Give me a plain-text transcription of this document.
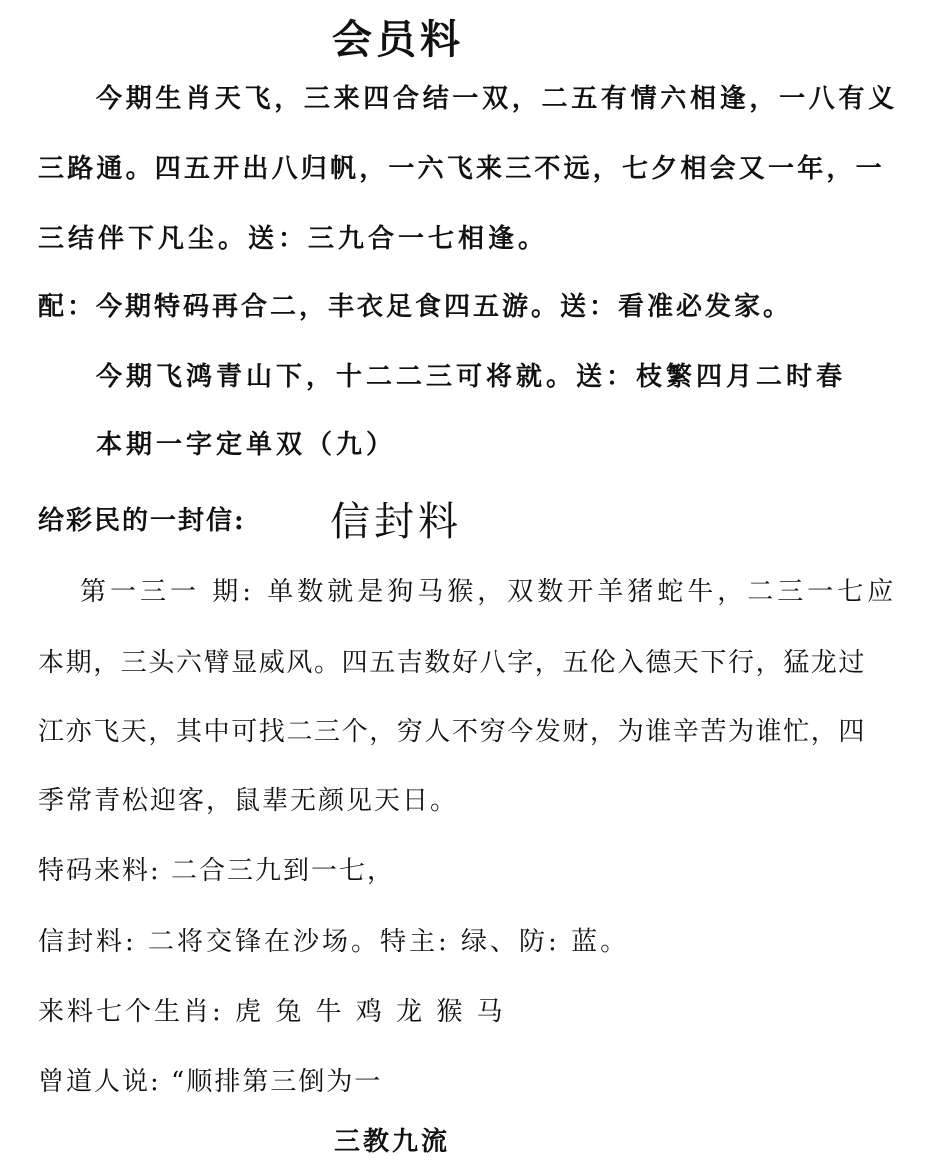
会员料
今期生肖天飞，三来四合结一双，二五有情六相逢，一八有义
三路通。四五开出八归帆，一六飞来三不远，七夕相会又一年，一
三结伴下凡尘。送：三九合一七相逢。
配：今期特码再合二，丰衣足食四五游。送：看准必发家。
今期飞鸿青山下，十二二三可将就。送：枝繁四月二时春
本期一字定单双（九）
给彩民的一封信: 信封料
第一三一 期: 单数就是狗马猴，双数开羊猪蛇牛，二三一七应
本期，三头六臂显威风。四五吉数好八字，五伦入德天下行，猛龙过
江亦飞天，其中可找二三个，穷人不穷今发财，为谁辛苦为谁忙，四
季常青松迎客，鼠辈无颜见天日。
特码来料: 二合三九到一七，
信封料: 二将交锋在沙场。特主: 绿、防: 蓝。
来料七个生肖: 虎 兔 牛 鸡 龙 猴 马
曾道人说: “顺排第三倒为一
三教九流
